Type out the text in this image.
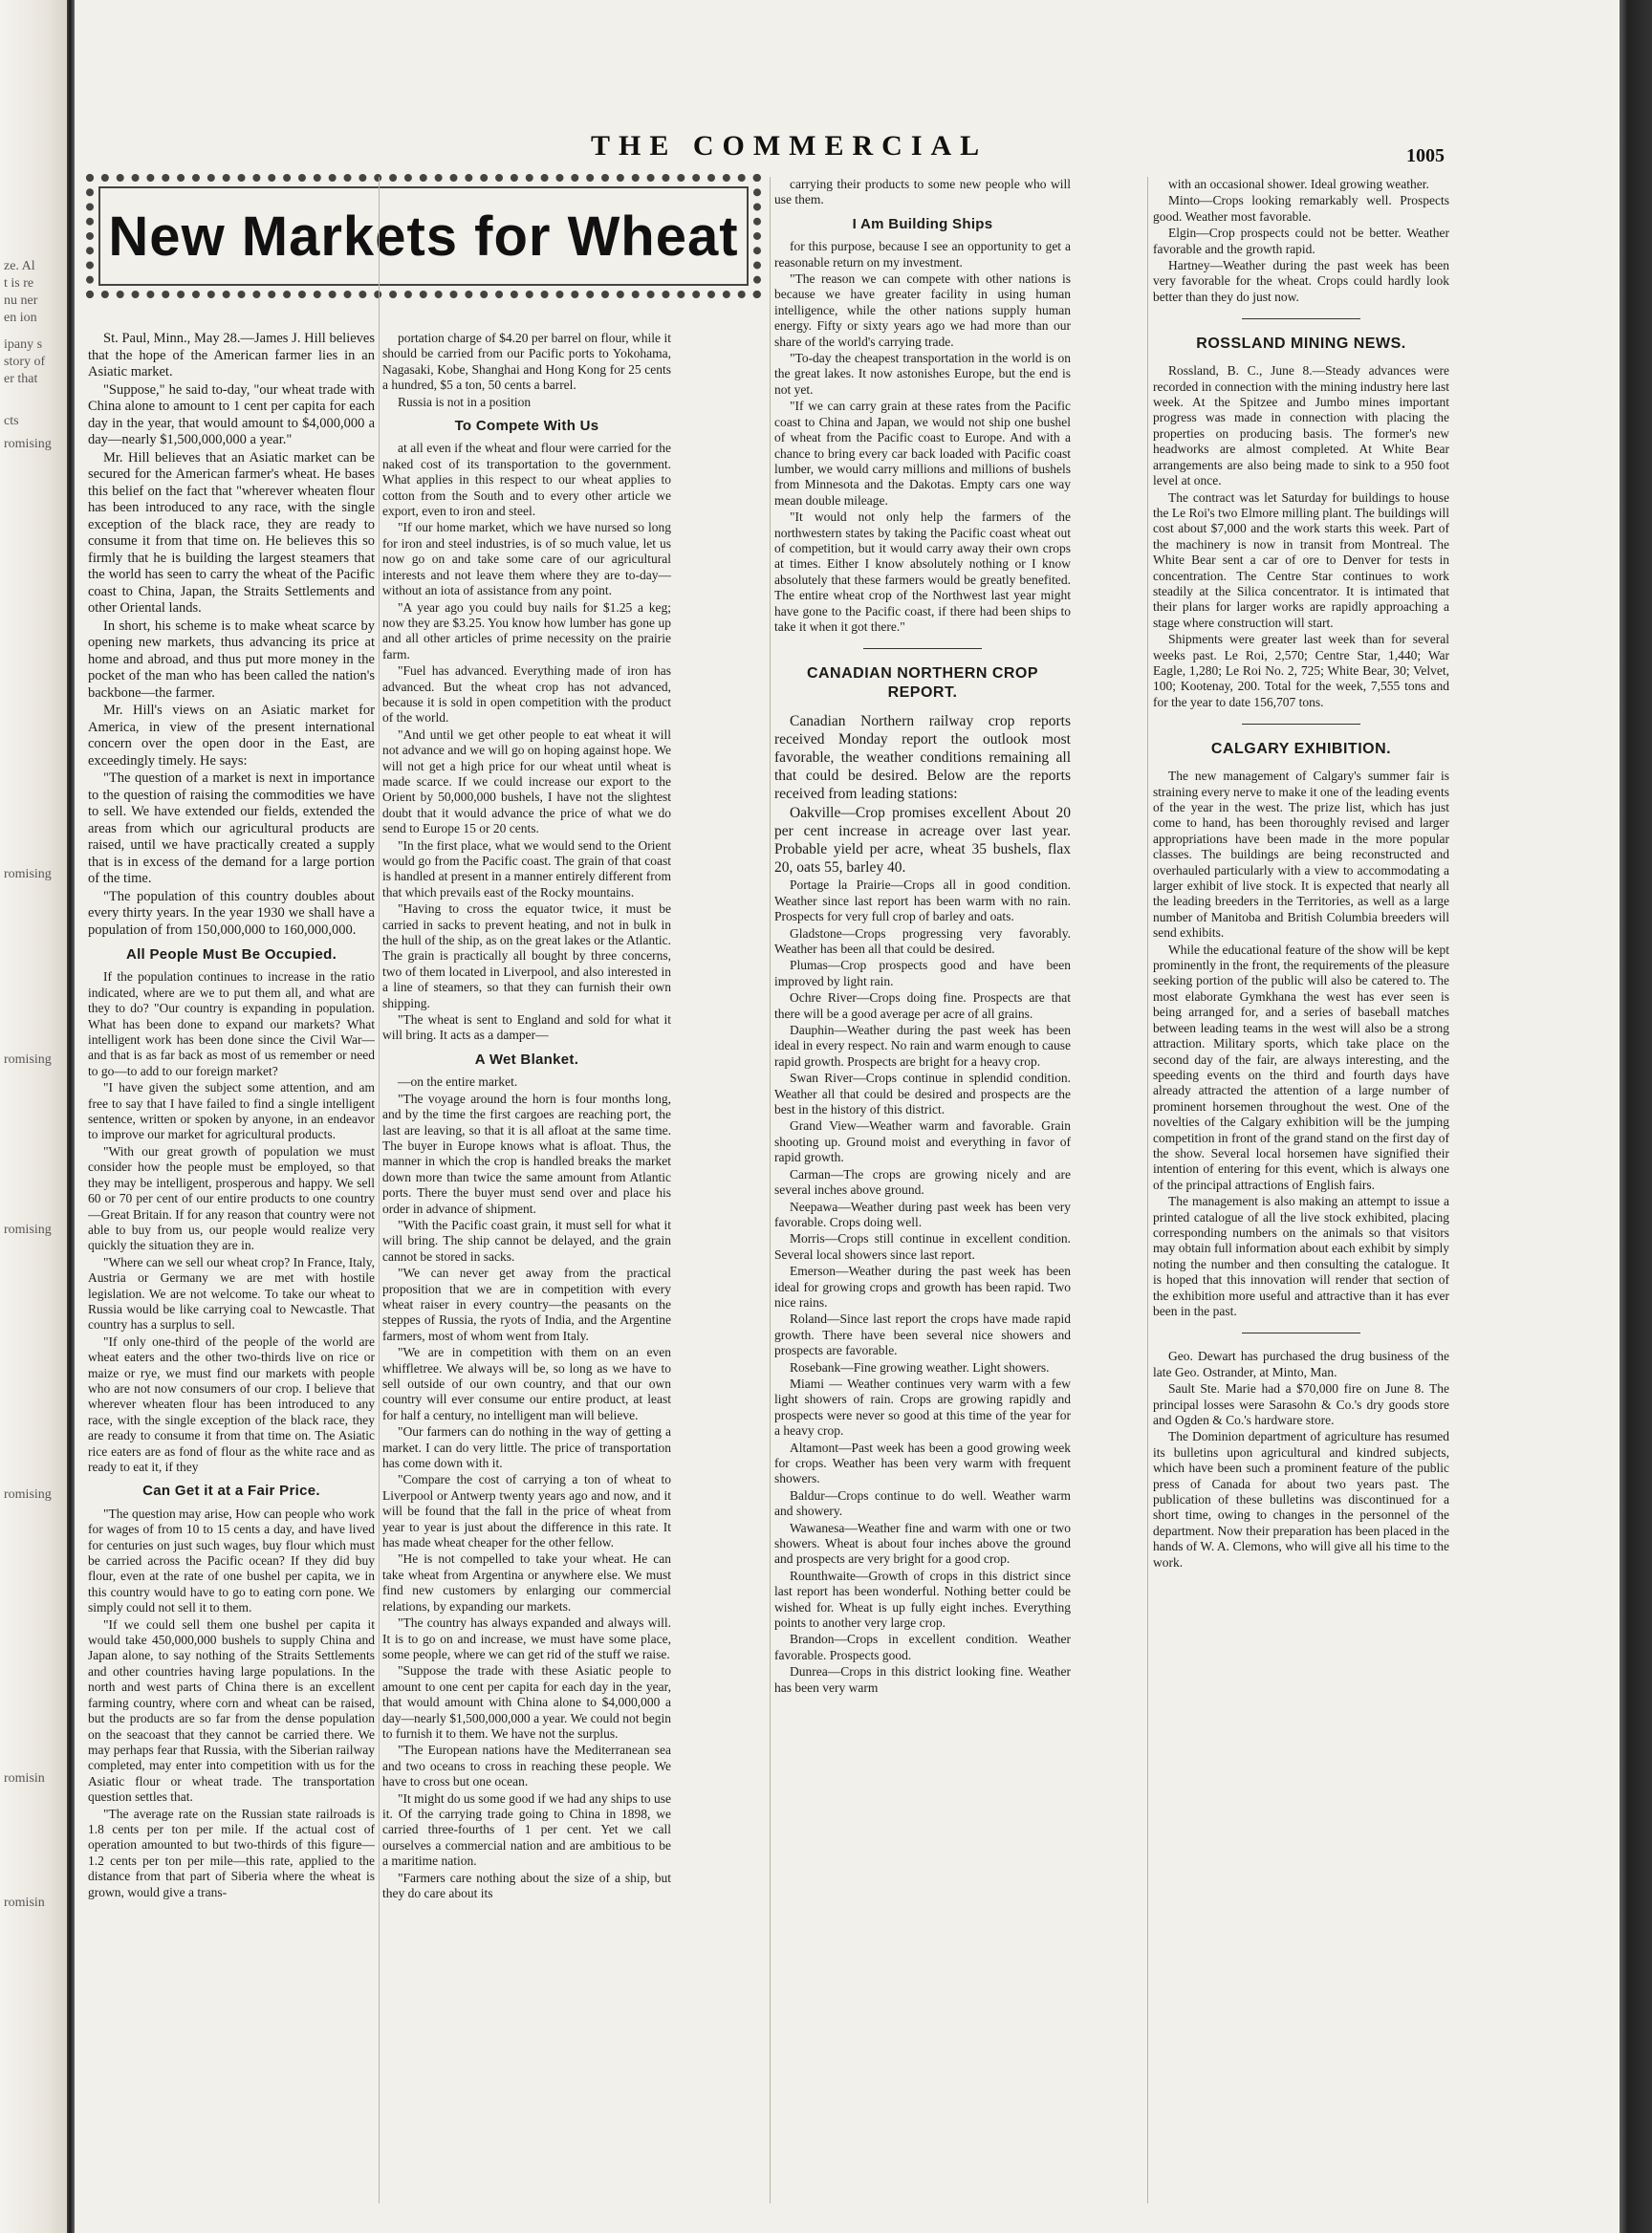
ze. Al
t is re
nu ner
en ion
ipany s
story of
er that
cts
romising
romising
romising
romising
romising
romisin
romisin
THE COMMERCIAL	1005
New Markets for Wheat

St. Paul, Minn., May 28.—James J. Hill believes that the hope of the American farmer lies in an Asiatic market.

"Suppose," he said to-day, "our wheat trade with China alone to amount to 1 cent per capita for each day in the year, that would amount to $4,000,000 a day—nearly $1,500,000,000 a year."

Mr. Hill believes that an Asiatic market can be secured for the American farmer's wheat. He bases this belief on the fact that "wherever wheaten flour has been introduced to any race, with the single exception of the black race, they are ready to consume it from that time on. He believes this so firmly that he is building the largest steamers that the world has seen to carry the wheat of the Pacific coast to China, Japan, the Straits Settlements and other Oriental lands.

In short, his scheme is to make wheat scarce by opening new markets, thus advancing its price at home and abroad, and thus put more money in the pocket of the man who has been called the nation's backbone—the farmer.

Mr. Hill's views on an Asiatic market for America, in view of the present international concern over the open door in the East, are exceedingly timely. He says:

"The question of a market is next in importance to the question of raising the commodities we have to sell. We have extended our fields, extended the areas from which our agricultural products are raised, until we have practically created a supply that is in excess of the demand for a large portion of the time.

"The population of this country doubles about every thirty years. In the year 1930 we shall have a population of from 150,000,000 to 160,000,000.

All People Must Be Occupied.

If the population continues to increase in the ratio indicated, where are we to put them all, and what are they to do? "Our country is expanding in population. What has been done to expand our markets? What intelligent work has been done since the Civil War—and that is as far back as most of us remember or need to go—to add to our foreign market?

"I have given the subject some attention, and am free to say that I have failed to find a single intelligent sentence, written or spoken by anyone, in an endeavor to improve our market for agricultural products.

"With our great growth of population we must consider how the people must be employed, so that they may be intelligent, prosperous and happy. We sell 60 or 70 per cent of our entire products to one country—Great Britain. If for any reason that country were not able to buy from us, our people would realize very quickly the situation they are in.

"Where can we sell our wheat crop? In France, Italy, Austria or Germany we are met with hostile legislation. We are not welcome. To take our wheat to Russia would be like carrying coal to Newcastle. That country has a surplus to sell.

"If only one-third of the people of the world are wheat eaters and the other two-thirds live on rice or maize or rye, we must find our markets with people who are not now consumers of our crop. I believe that wherever wheaten flour has been introduced to any race, with the single exception of the black race, they are ready to consume it from that time on. The Asiatic rice eaters are as fond of flour as the white race and as ready to eat it, if they

Can Get it at a Fair Price.

"The question may arise, How can people who work for wages of from 10 to 15 cents a day, and have lived for centuries on just such wages, buy flour which must be carried across the Pacific ocean? If they did buy flour, even at the rate of one bushel per capita, we in this country would have to go to eating corn pone. We simply could not sell it to them.

"If we could sell them one bushel per capita it would take 450,000,000 bushels to supply China and Japan alone, to say nothing of the Straits Settlements and other countries having large populations. In the north and west parts of China there is an excellent farming country, where corn and wheat can be raised, but the products are so far from the dense population on the seacoast that they cannot be carried there. We may perhaps fear that Russia, with the Siberian railway completed, may enter into competition with us for the Asiatic flour or wheat trade. The transportation question settles that.

"The average rate on the Russian state railroads is 1.8 cents per ton per mile. If the actual cost of operation amounted to but two-thirds of this figure—1.2 cents per ton per mile—this rate, applied to the distance from that part of Siberia where the wheat is grown, would give a trans-

portation charge of $4.20 per barrel on flour, while it should be carried from our Pacific ports to Yokohama, Nagasaki, Kobe, Shanghai and Hong Kong for 25 cents a hundred, $5 a ton, 50 cents a barrel.

Russia is not in a position

To Compete With Us

at all even if the wheat and flour were carried for the naked cost of its transportation to the government. What applies in this respect to our wheat applies to cotton from the South and to every other article we export, even to iron and steel.

"If our home market, which we have nursed so long for iron and steel industries, is of so much value, let us now go on and take some care of our agricultural interests and not leave them where they are to-day—without an iota of assistance from any point.

"A year ago you could buy nails for $1.25 a keg; now they are $3.25. You know how lumber has gone up and all other articles of prime necessity on the prairie farm.

"Fuel has advanced. Everything made of iron has advanced. But the wheat crop has not advanced, because it is sold in open competition with the product of the world.

"And until we get other people to eat wheat it will not advance and we will go on hoping against hope. We will not get a high price for our wheat until wheat is made scarce. If we could increase our export to the Orient by 50,000,000 bushels, I have not the slightest doubt that it would advance the price of what we do send to Europe 15 or 20 cents.

"In the first place, what we would send to the Orient would go from the Pacific coast. The grain of that coast is handled at present in a manner entirely different from that which prevails east of the Rocky mountains.

"Having to cross the equator twice, it must be carried in sacks to prevent heating, and not in bulk in the hull of the ship, as on the great lakes or the Atlantic. The grain is practically all bought by three concerns, two of them located in Liverpool, and also interested in a line of steamers, so that they can furnish their own shipping.

"The wheat is sent to England and sold for what it will bring. It acts as a damper—

A Wet Blanket.

—on the entire market.

"The voyage around the horn is four months long, and by the time the first cargoes are reaching port, the last are leaving, so that it is all afloat at the same time. The buyer in Europe knows what is afloat. Thus, the manner in which the crop is handled breaks the market down more than twice the same amount from Atlantic ports. There the buyer must send over and place his order in advance of shipment.

"With the Pacific coast grain, it must sell for what it will bring. The ship cannot be delayed, and the grain cannot be stored in sacks.

"We can never get away from the practical proposition that we are in competition with every wheat raiser in every country—the peasants on the steppes of Russia, the ryots of India, and the Argentine farmers, most of whom went from Italy.

"We are in competition with them on an even whiffletree. We always will be, so long as we have to sell outside of our own country, and that our own country will ever consume our entire product, at least for half a century, no intelligent man will believe.

"Our farmers can do nothing in the way of getting a market. I can do very little. The price of transportation has come down with it.

"Compare the cost of carrying a ton of wheat to Liverpool or Antwerp twenty years ago and now, and it will be found that the fall in the price of wheat from year to year is just about the difference in this rate. It has made wheat cheaper for the other fellow.

"He is not compelled to take your wheat. He can take wheat from Argentina or anywhere else. We must find new customers by enlarging our commercial relations, by expanding our markets.

"The country has always expanded and always will. It is to go on and increase, we must have some place, some people, where we can get rid of the stuff we raise.

"Suppose the trade with these Asiatic people to amount to one cent per capita for each day in the year, that would amount with China alone to $4,000,000 a day—nearly $1,500,000,000 a year. We could not begin to furnish it to them. We have not the surplus.

"The European nations have the Mediterranean sea and two oceans to cross in reaching these people. We have to cross but one ocean.

"It might do us some good if we had any ships to use it. Of the carrying trade going to China in 1898, we carried three-fourths of 1 per cent. Yet we call ourselves a commercial nation and are ambitious to be a maritime nation.

"Farmers care nothing about the size of a ship, but they do care about its

carrying their products to some new people who will use them.

I Am Building Ships

for this purpose, because I see an opportunity to get a reasonable return on my investment.

"The reason we can compete with other nations is because we have greater facility in using human intelligence, while the other nations supply human energy. Fifty or sixty years ago we had more than our share of the world's carrying trade.

"To-day the cheapest transportation in the world is on the great lakes. It now astonishes Europe, but the end is not yet.

"If we can carry grain at these rates from the Pacific coast to China and Japan, we would not ship one bushel of wheat from the Pacific coast to Europe. And with a chance to bring every car back loaded with Pacific coast lumber, we would carry millions and millions of bushels from Minnesota and the Dakotas. Empty cars one way mean double mileage.

"It would not only help the farmers of the northwestern states by taking the Pacific coast wheat out of competition, but it would carry away their own crops at times. Either I know absolutely nothing or I know absolutely that these farmers would be greatly benefited. The entire wheat crop of the Northwest last year might have gone to the Pacific coast, if there had been ships to take it when it got there."

CANADIAN NORTHERN CROP REPORT.

Canadian Northern railway crop reports received Monday report the outlook most favorable, the weather conditions remaining all that could be desired. Below are the reports received from leading stations:

Oakville—Crop promises excellent About 20 per cent increase in acreage over last year. Probable yield per acre, wheat 35 bushels, flax 20, oats 55, barley 40.

Portage la Prairie—Crops all in good condition. Weather since last report has been warm with no rain. Prospects for very full crop of barley and oats.

Gladstone—Crops progressing very favorably. Weather has been all that could be desired.

Plumas—Crop prospects good and have been improved by light rain.

Ochre River—Crops doing fine. Prospects are that there will be a good average per acre of all grains.

Dauphin—Weather during the past week has been ideal in every respect. No rain and warm enough to cause rapid growth. Prospects are bright for a heavy crop.

Swan River—Crops continue in splendid condition. Weather all that could be desired and prospects are the best in the history of this district.

Grand View—Weather warm and favorable. Grain shooting up. Ground moist and everything in favor of rapid growth.

Carman—The crops are growing nicely and are several inches above ground.

Neepawa—Weather during past week has been very favorable. Crops doing well.

Morris—Crops still continue in excellent condition. Several local showers since last report.

Emerson—Weather during the past week has been ideal for growing crops and growth has been rapid. Two nice rains.

Roland—Since last report the crops have made rapid growth. There have been several nice showers and prospects are favorable.

Rosebank—Fine growing weather. Light showers.

Miami — Weather continues very warm with a few light showers of rain. Crops are growing rapidly and prospects were never so good at this time of the year for a heavy crop.

Altamont—Past week has been a good growing week for crops. Weather has been very warm with frequent showers.

Baldur—Crops continue to do well. Weather warm and showery.

Wawanesa—Weather fine and warm with one or two showers. Wheat is about four inches above the ground and prospects are very bright for a good crop.

Rounthwaite—Growth of crops in this district since last report has been wonderful. Nothing better could be wished for. Wheat is up fully eight inches. Everything points to another very large crop.

Brandon—Crops in excellent condition. Weather favorable. Prospects good.

Dunrea—Crops in this district looking fine. Weather has been very warm

with an occasional shower. Ideal growing weather.

Minto—Crops looking remarkably well. Prospects good. Weather most favorable.

Elgin—Crop prospects could not be better. Weather favorable and the growth rapid.

Hartney—Weather during the past week has been very favorable for the wheat. Crops could hardly look better than they do just now.

ROSSLAND MINING NEWS.

Rossland, B. C., June 8.—Steady advances were recorded in connection with the mining industry here last week. At the Spitzee and Jumbo mines important progress was made in connection with placing the properties on producing basis. The former's new headworks are almost completed. At White Bear arrangements are also being made to sink to a 950 foot level at once.

The contract was let Saturday for buildings to house the Le Roi's two Elmore milling plant. The buildings will cost about $7,000 and the work starts this week. Part of the machinery is now in transit from Montreal. The White Bear sent a car of ore to Denver for tests in concentration. The Centre Star continues to work steadily at the Silica concentrator. It is intimated that their plans for larger works are rapidly approaching a stage where construction will start.

Shipments were greater last week than for several weeks past. Le Roi, 2,570; Centre Star, 1,440; War Eagle, 1,280; Le Roi No. 2, 725; White Bear, 30; Velvet, 100; Kootenay, 200. Total for the week, 7,555 tons and for the year to date 156,707 tons.

CALGARY EXHIBITION.

The new management of Calgary's summer fair is straining every nerve to make it one of the leading events of the year in the west. The prize list, which has just come to hand, has been thoroughly revised and larger appropriations have been made in the more popular classes. The buildings are being reconstructed and overhauled particularly with a view to accommodating a larger exhibit of live stock. It is expected that nearly all the leading breeders in the Territories, as well as a large number of Manitoba and British Columbia breeders will send exhibits.

While the educational feature of the show will be kept prominently in the front, the requirements of the pleasure seeking portion of the public will also be catered to. The most elaborate Gymkhana the west has ever seen is being arranged for, and a series of baseball matches between leading teams in the west will also be a strong attraction. Military sports, which take place on the second day of the fair, are always interesting, and the speeding events on the third and fourth days have already attracted the attention of a large number of prominent horsemen throughout the west. One of the novelties of the Calgary exhibition will be the jumping competition in front of the grand stand on the first day of the show. Several local horsemen have signified their intention of entering for this event, which is always one of the principal attractions of English fairs.

The management is also making an attempt to issue a printed catalogue of all the live stock exhibited, placing corresponding numbers on the animals so that visitors may obtain full information about each exhibit by simply noting the number and then consulting the catalogue. It is hoped that this innovation will render that section of the exhibition more useful and attractive than it has ever been in the past.

Geo. Dewart has purchased the drug business of the late Geo. Ostrander, at Minto, Man.

Sault Ste. Marie had a $70,000 fire on June 8. The principal losses were Sarasohn & Co.'s dry goods store and Ogden & Co.'s hardware store.

The Dominion department of agriculture has resumed its bulletins upon agricultural and kindred subjects, which have been such a prominent feature of the public press of Canada for about two years past. The publication of these bulletins was discontinued for a short time, owing to changes in the personnel of the department. Now their preparation has been placed in the hands of W. A. Clemons, who will give all his time to the work.
